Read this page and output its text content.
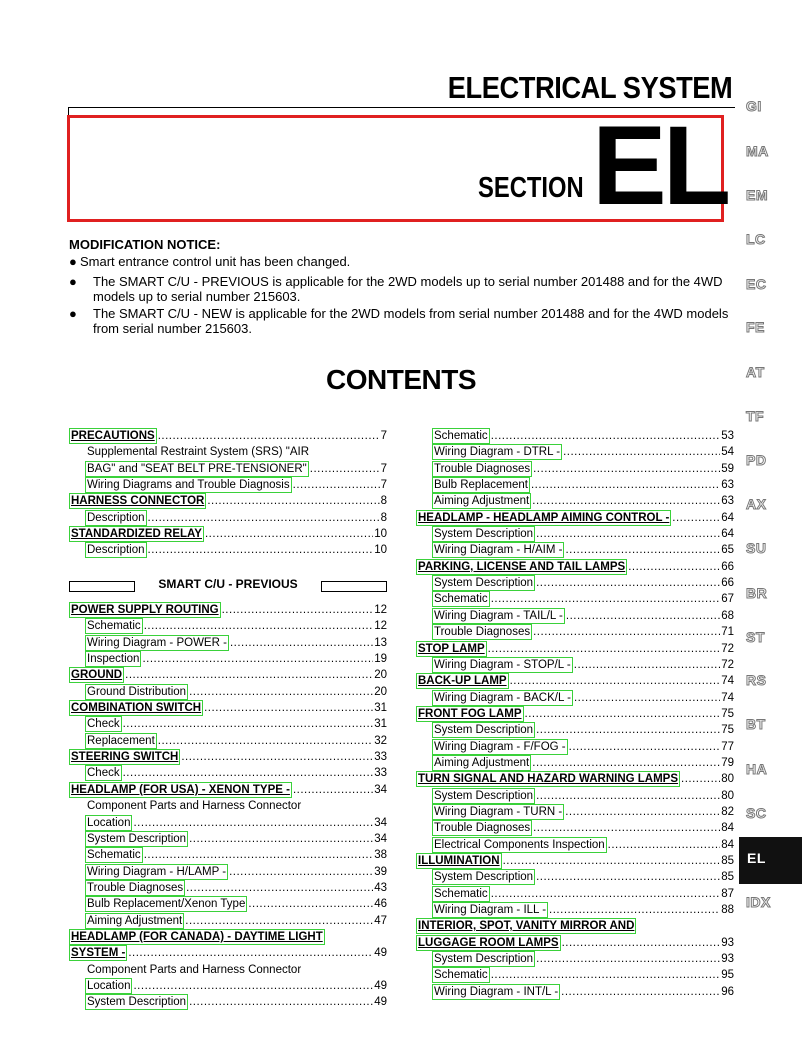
ELECTRICAL SYSTEM
SECTION EL GI
MA
EM
LC
EC
FE
AT
TF
PD
AX
SU
BR
ST
RS
BT
HA
SC
EL
IDX
MODIFICATION NOTICE:
● Smart entrance control unit has been changed.
●	The SMART C/U - PREVIOUS is applicable for the 2WD models up to serial number 201488 and for the 4WD models up to serial number 215603.
●	The SMART C/U - NEW is applicable for the 2WD models from serial number 201488 and for the 4WD models from serial number 215603.
CONTENTS
SMART C/U - PREVIOUS
PRECAUTIONS .....	7
Supplemental Restraint System (SRS) "AIR
BAG" and "SEAT BELT PRE-TENSIONER" .....	7
Wiring Diagrams and Trouble Diagnosis .....	7
HARNESS CONNECTOR .....	8
Description .....	8
STANDARDIZED RELAY .....	10
Description .....	10
POWER SUPPLY ROUTING .....	12
Schematic .....	12
Wiring Diagram - POWER - .....	13
Inspection .....	19
GROUND .....	20
Ground Distribution .....	20
COMBINATION SWITCH .....	31
Check .....	31
Replacement .....	32
STEERING SWITCH .....	33
Check .....	33
HEADLAMP (FOR USA) - XENON TYPE - .....	34
Component Parts and Harness Connector
Location .....	34
System Description .....	34
Schematic .....	38
Wiring Diagram - H/LAMP - .....	39
Trouble Diagnoses .....	43
Bulb Replacement/Xenon Type .....	46
Aiming Adjustment .....	47
HEADLAMP (FOR CANADA) - DAYTIME LIGHT
SYSTEM - .....	49
Component Parts and Harness Connector
Location .....	49
System Description .....	49
Schematic .....	53
Wiring Diagram - DTRL - .....	54
Trouble Diagnoses .....	59
Bulb Replacement .....	63
Aiming Adjustment .....	63
HEADLAMP - HEADLAMP AIMING CONTROL - .....	64
System Description .....	64
Wiring Diagram - H/AIM - .....	65
PARKING, LICENSE AND TAIL LAMPS .....	66
System Description .....	66
Schematic .....	67
Wiring Diagram - TAIL/L - .....	68
Trouble Diagnoses .....	71
STOP LAMP .....	72
Wiring Diagram - STOP/L - .....	72
BACK-UP LAMP .....	74
Wiring Diagram - BACK/L - .....	74
FRONT FOG LAMP .....	75
System Description .....	75
Wiring Diagram - F/FOG - .....	77
Aiming Adjustment .....	79
TURN SIGNAL AND HAZARD WARNING LAMPS .....	80
System Description .....	80
Wiring Diagram - TURN - .....	82
Trouble Diagnoses .....	84
Electrical Components Inspection .....	84
ILLUMINATION .....	85
System Description .....	85
Schematic .....	87
Wiring Diagram - ILL - .....	88
INTERIOR, SPOT, VANITY MIRROR AND
LUGGAGE ROOM LAMPS .....	93
System Description .....	93
Schematic .....	95
Wiring Diagram - INT/L - .....	96
